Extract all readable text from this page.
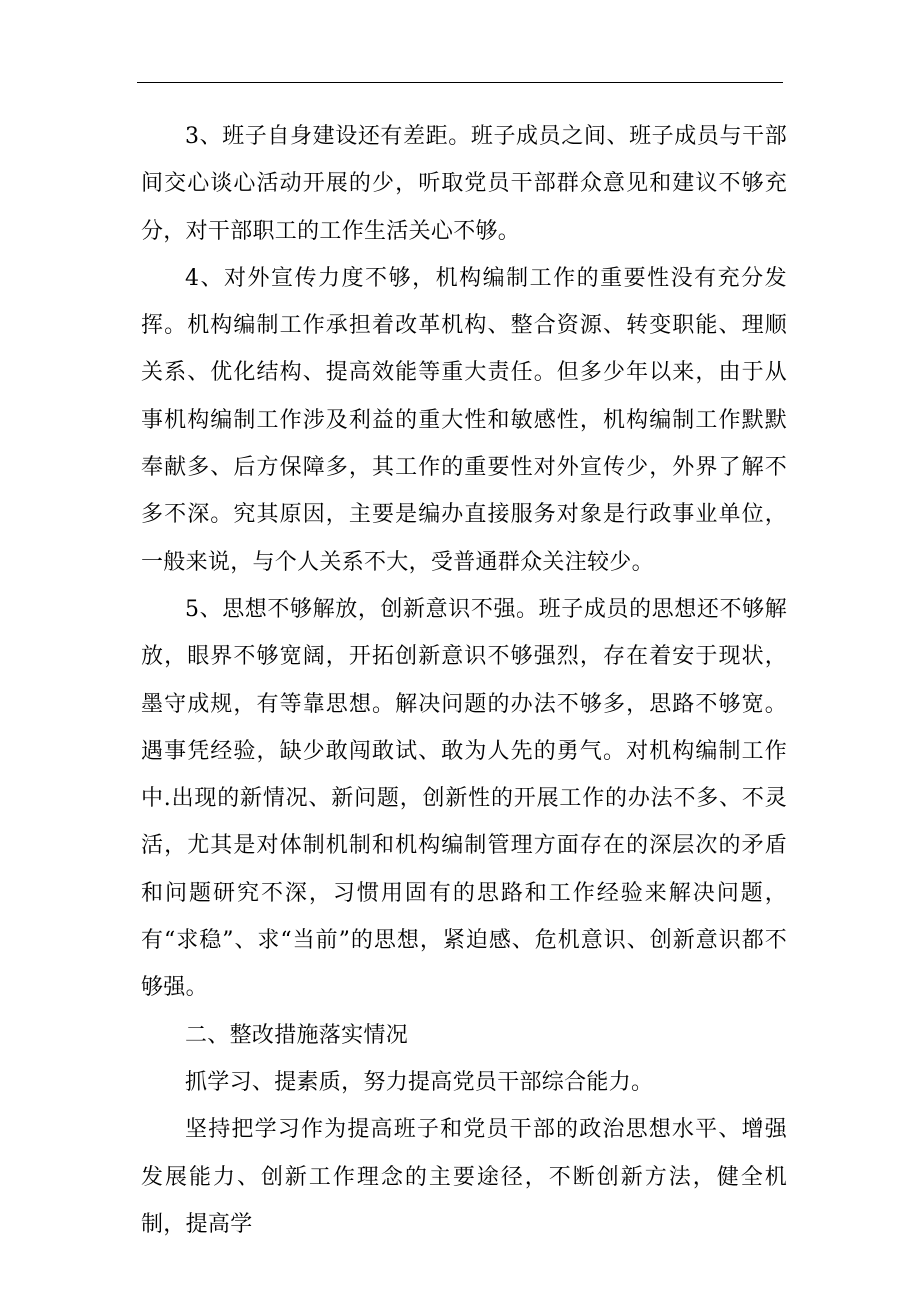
3、班子自身建设还有差距。班子成员之间、班子成员与干部间交心谈心活动开展的少，听取党员干部群众意见和建议不够充分，对干部职工的工作生活关心不够。

4、对外宣传力度不够，机构编制工作的重要性没有充分发挥。机构编制工作承担着改革机构、整合资源、转变职能、理顺关系、优化结构、提高效能等重大责任。但多少年以来，由于从事机构编制工作涉及利益的重大性和敏感性，机构编制工作默默奉献多、后方保障多，其工作的重要性对外宣传少，外界了解不多不深。究其原因，主要是编办直接服务对象是行政事业单位，一般来说，与个人关系不大，受普通群众关注较少。

5、思想不够解放，创新意识不强。班子成员的思想还不够解放，眼界不够宽阔，开拓创新意识不够强烈，存在着安于现状，墨守成规，有等靠思想。解决问题的办法不够多，思路不够宽。遇事凭经验，缺少敢闯敢试、敢为人先的勇气。对机构编制工作中.出现的新情况、新问题，创新性的开展工作的办法不多、不灵活，尤其是对体制机制和机构编制管理方面存在的深层次的矛盾和问题研究不深，习惯用固有的思路和工作经验来解决问题，有“求稳”、求“当前”的思想，紧迫感、危机意识、创新意识都不够强。

二、整改措施落实情况

抓学习、提素质，努力提高党员干部综合能力。

坚持把学习作为提高班子和党员干部的政治思想水平、增强发展能力、创新工作理念的主要途径，不断创新方法，健全机制，提高学
